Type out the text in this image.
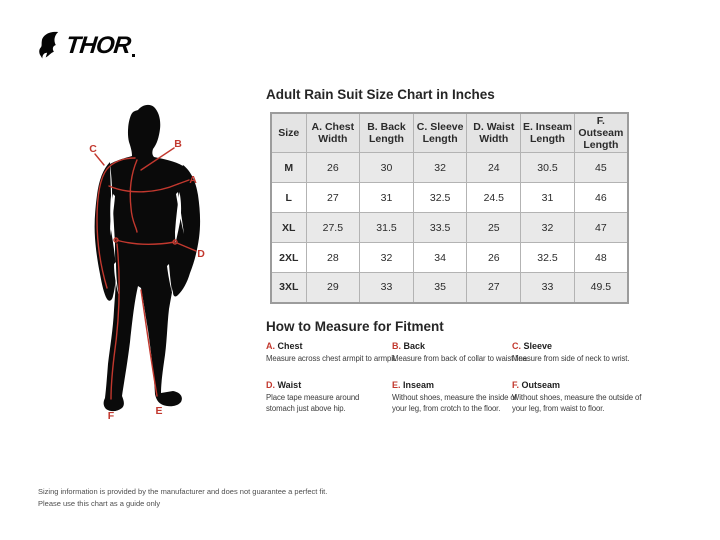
THOR
A
B
C
D
E
F
Adult Rain Suit Size Chart in Inches
Size	A. Chest Width	B. Back Length	C. Sleeve Length	D. Waist Width	E. Inseam Length	F. Outseam Length
M	26	30	32	24	30.5	45
L	27	31	32.5	24.5	31	46
XL	27.5	31.5	33.5	25	32	47
2XL	28	32	34	26	32.5	48
3XL	29	33	35	27	33	49.5
How to Measure for Fitment
A. Chest

Measure across chest armpit to armpit.

B. Back

Measure from back of collar to waist line.

C. Sleeve

Measure from side of neck to wrist.

D. Waist

Place tape measure around stomach just above hip.

E. Inseam

Without shoes, measure the inside of your leg, from crotch to the floor.

F. Outseam

Without shoes, measure the outside of your leg, from waist to floor.

Sizing information is provided by the manufacturer and does not guarantee a perfect fit.
Please use this chart as a guide only
